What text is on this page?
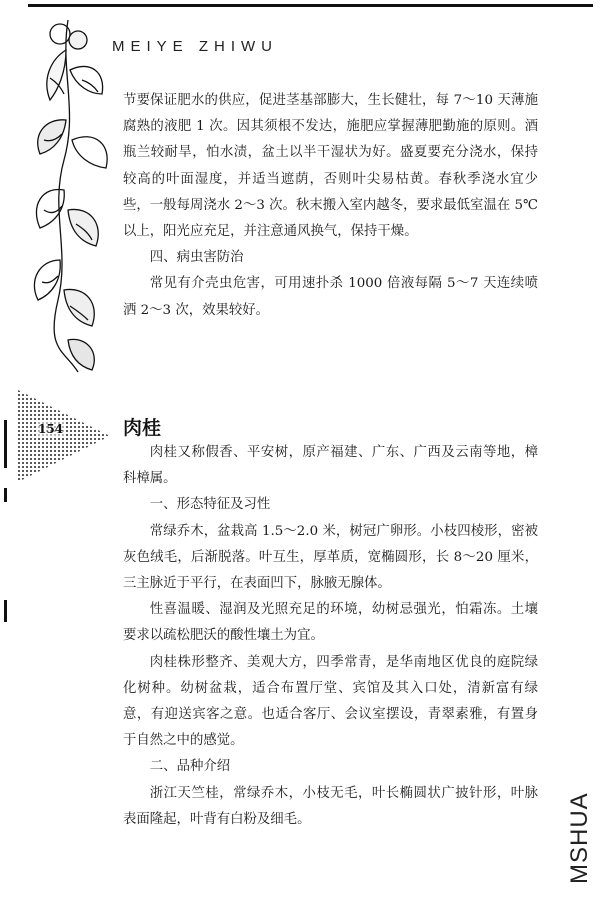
MEIYE ZHIWU
154

节要保证肥水的供应，促进茎基部膨大，生长健壮，每 7～10 天薄施腐熟的液肥 1 次。因其须根不发达，施肥应掌握薄肥勤施的原则。酒瓶兰较耐旱，怕水渍，盆土以半干湿状为好。盛夏要充分浇水，保持较高的叶面湿度，并适当遮荫，否则叶尖易枯黄。春秋季浇水宜少些，一般每周浇水 2～3 次。秋末搬入室内越冬，要求最低室温在 5℃以上，阳光应充足，并注意通风换气，保持干燥。

四、病虫害防治

常见有介壳虫危害，可用速扑杀 1000 倍液每隔 5～7 天连续喷洒 2～3 次，效果较好。

肉桂

肉桂又称假香、平安树，原产福建、广东、广西及云南等地，樟科樟属。

一、形态特征及习性

常绿乔木，盆栽高 1.5～2.0 米，树冠广卵形。小枝四棱形，密被灰色绒毛，后渐脱落。叶互生，厚革质，宽椭圆形，长 8～20 厘米，三主脉近于平行，在表面凹下，脉腋无腺体。

性喜温暖、湿润及光照充足的环境，幼树忌强光，怕霜冻。土壤要求以疏松肥沃的酸性壤土为宜。

肉桂株形整齐、美观大方，四季常青，是华南地区优良的庭院绿化树种。幼树盆栽，适合布置厅堂、宾馆及其入口处，清新富有绿意，有迎送宾客之意。也适合客厅、会议室摆设，青翠素雅，有置身于自然之中的感觉。

二、品种介绍

浙江天竺桂，常绿乔木，小枝无毛，叶长椭圆状广披针形，叶脉表面隆起，叶背有白粉及细毛。	MSHUA
